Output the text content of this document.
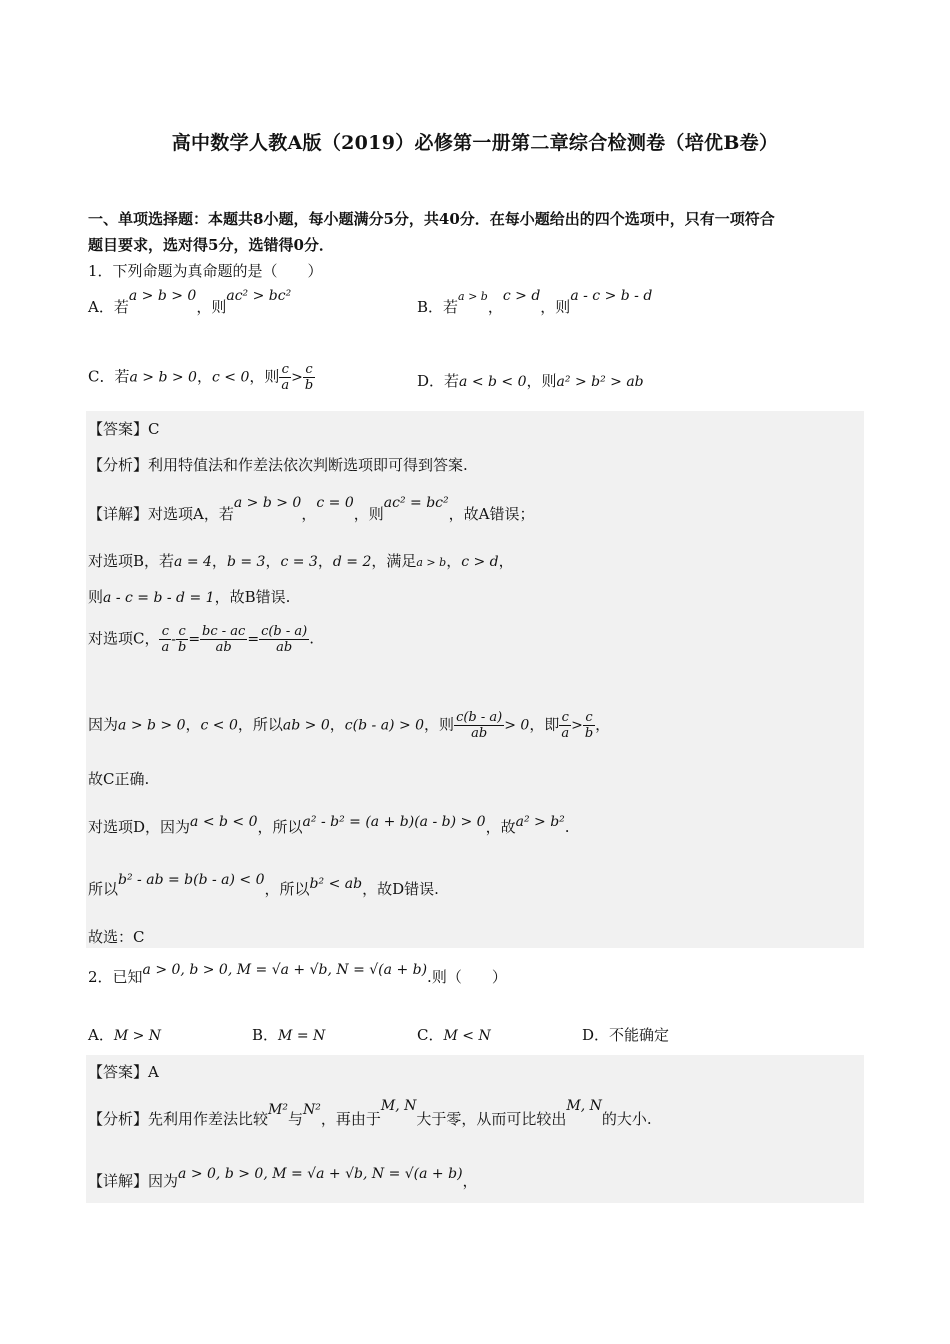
高中数学人教A版（2019）必修第一册第二章综合检测卷（培优B卷）
一、单项选择题：本题共8小题，每小题满分5分，共40分．在每小题给出的四个选项中，只有一项符合
题目要求，选对得5分，选错得0分．
1．下列命题为真命题的是（　　）
A．若a > b > 0，则ac² > bc²
B．若$^{a > b}$，c > d，则a - c > b - d
C．若a > b > 0，c < 0，则 $\frac{c}{a} > \frac{c}{b}$	D．若a < b < 0，则a² > b² > ab
【答案】C
【分析】利用特值法和作差法依次判断选项即可得到答案.
【详解】对选项A，若a > b > 0，c = 0，则ac² = bc²，故A错误；
对选项B，若a = 4，b = 3，c = 3，d = 2，满足a > b，c > d，
则a - c = b - d = 1，故B错误.
对选项C， $\frac{c}{a} - \frac{c}{b} = \frac{bc - ac}{ab} = \frac{c(b - a)}{ab}$ .
因为a > b > 0，c < 0，所以ab > 0，c(b - a) > 0，则 $\frac{c(b - a)}{ab} > 0$，即 $\frac{c}{a} > \frac{c}{b}$ ，
故C正确.
对选项D，因为a < b < 0，所以a² - b² = (a + b)(a - b) > 0，故a² > b².
所以b² - ab = b(b - a) < 0，所以b² < ab，故D错误.
故选：C
2．已知a > 0, b > 0, M = √a + √b, N = √(a + b).则（　　）
A．M > N	B．M = N	C．M < N	D．不能确定
【答案】A
【分析】先利用作差法比较M²与N²，再由于M, N大于零，从而可比较出M, N的大小.
【详解】因为a > 0, b > 0, M = √a + √b, N = √(a + b)，
